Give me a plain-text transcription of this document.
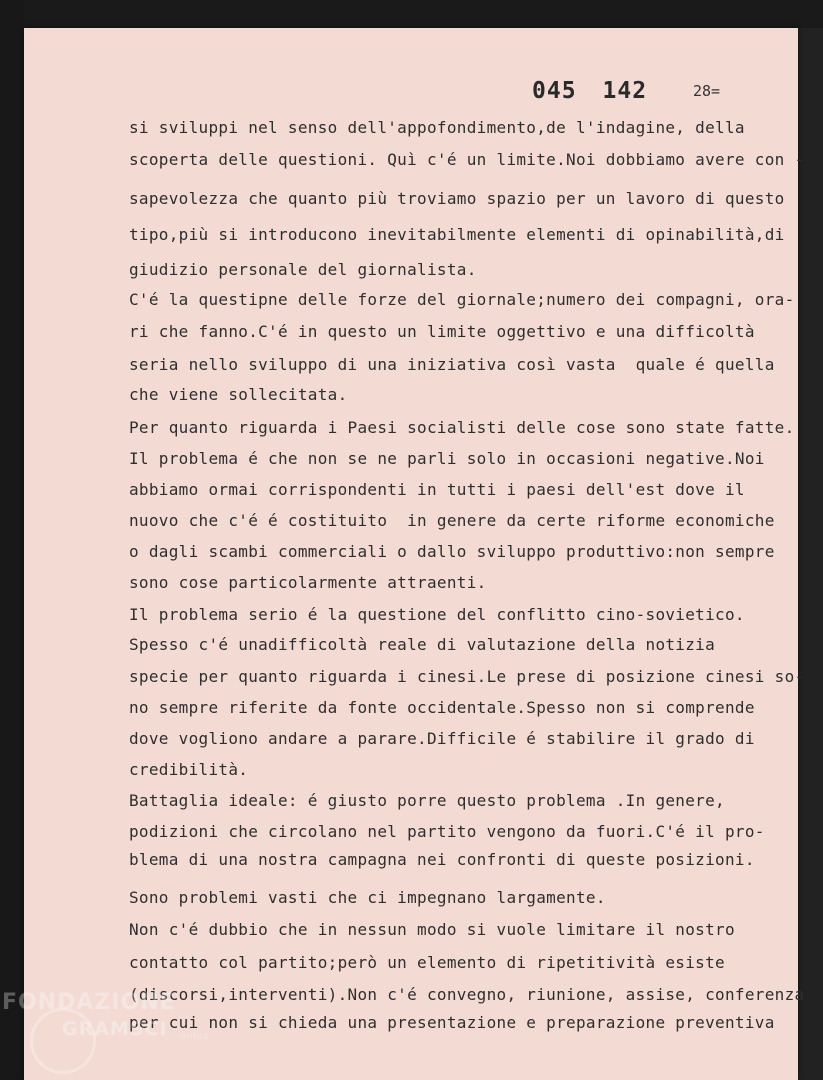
045 142	28=
si sviluppi nel senso dell'appofondimento,de l'indagine, della
scoperta delle questioni. Quì c'é un limite.Noi dobbiamo avere con -
sapevolezza che quanto più troviamo spazio per un lavoro di questo
tipo,più si introducono inevitabilmente elementi di opinabilità,di
giudizio personale del giornalista.
C'é la questipne delle forze del giornale;numero dei compagni, ora-
ri che fanno.C'é in questo un limite oggettivo e una difficoltà
seria nello sviluppo di una iniziativa così vasta  quale é quella
che viene sollecitata.
Per quanto riguarda i Paesi socialisti delle cose sono state fatte.
Il problema é che non se ne parli solo in occasioni negative.Noi
abbiamo ormai corrispondenti in tutti i paesi dell'est dove il
nuovo che c'é é costituito  in genere da certe riforme economiche
o dagli scambi commerciali o dallo sviluppo produttivo:non sempre
sono cose particolarmente attraenti.
Il problema serio é la questione del conflitto cino-sovietico.
Spesso c'é unadifficoltà reale di valutazione della notizia
specie per quanto riguarda i cinesi.Le prese di posizione cinesi so-
no sempre riferite da fonte occidentale.Spesso non si comprende
dove vogliono andare a parare.Difficile é stabilire il grado di
credibilità.
Battaglia ideale: é giusto porre questo problema .In genere,
podizioni che circolano nel partito vengono da fuori.C'é il pro-
blema di una nostra campagna nei confronti di queste posizioni.
Sono problemi vasti che ci impegnano largamente.
Non c'é dubbio che in nessun modo si vuole limitare il nostro
contatto col partito;però un elemento di ripetitività esiste
(discorsi,interventi).Non c'é convegno, riunione, assise, conferenza
per cui non si chieda una presentazione e preparazione preventiva
FONDAZIONE
GRAMSCI onlus
